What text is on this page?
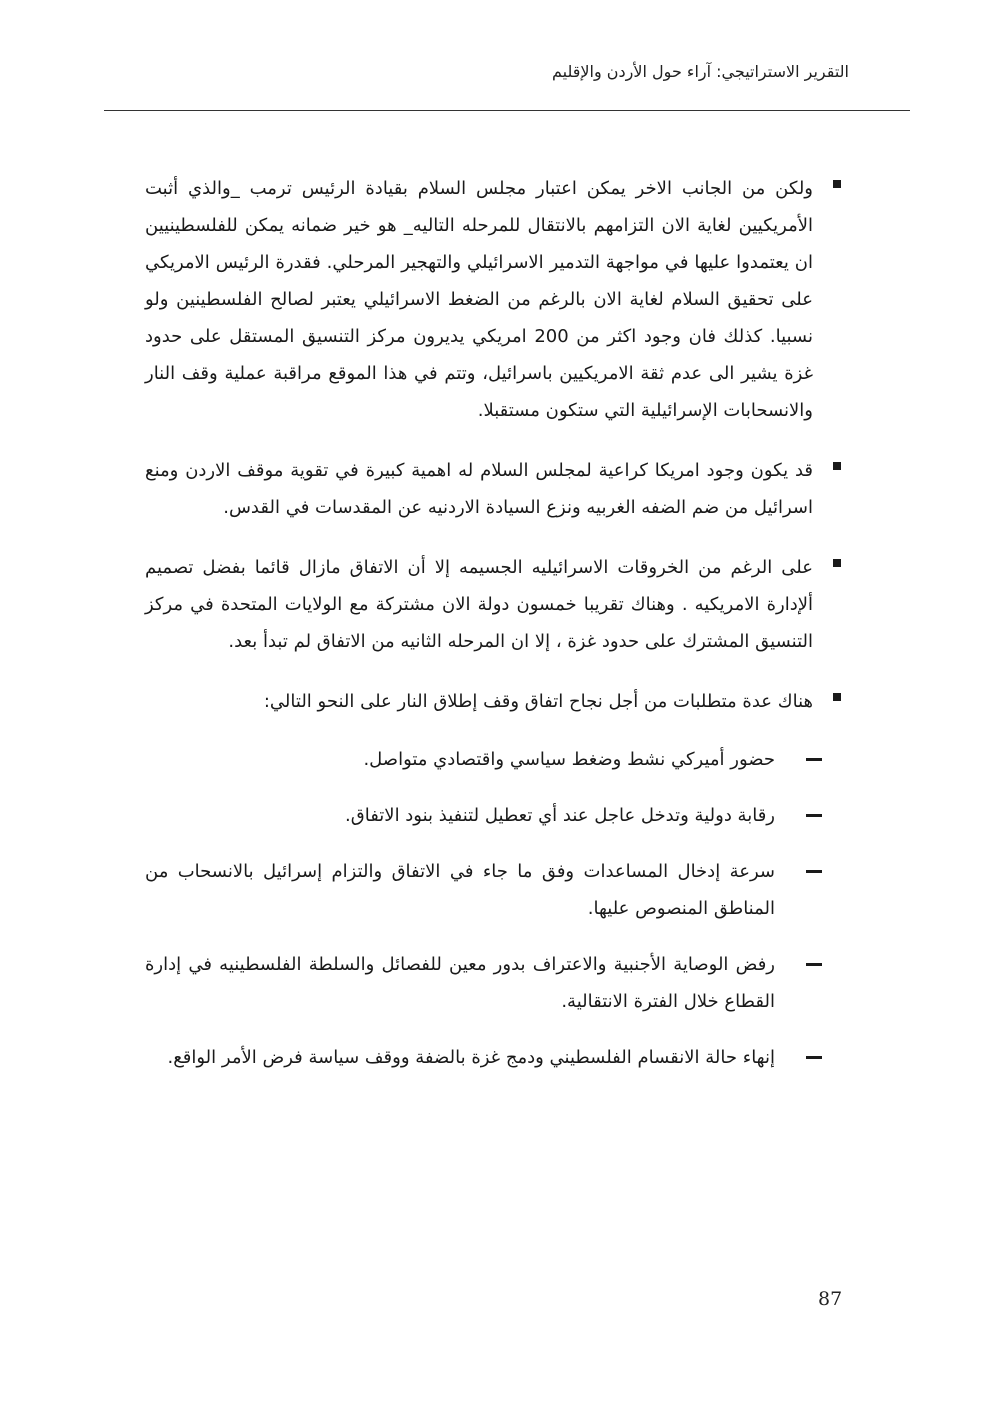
التقرير الاستراتيجي: آراء حول الأردن والإقليم
ولكن من الجانب الاخر يمكن اعتبار مجلس السلام بقيادة الرئيس ترمب _والذي أثبت الأمريكيين لغاية الان التزامهم بالانتقال للمرحله التاليه_ هو خير ضمانه يمكن للفلسطينيين ان يعتمدوا عليها في مواجهة التدمير الاسرائيلي والتهجير المرحلي. فقدرة الرئيس الامريكي على تحقيق السلام لغاية الان بالرغم من الضغط الاسرائيلي يعتبر لصالح الفلسطينين ولو نسبيا. كذلك فان وجود اكثر من 200 امريكي يديرون مركز التنسيق المستقل على حدود غزة يشير الى عدم ثقة الامريكيين باسرائيل، وتتم في هذا الموقع مراقبة عملية وقف النار والانسحابات الإسرائيلية التي ستكون مستقبلا.
قد يكون وجود امريكا كراعية لمجلس السلام له اهمية كبيرة في تقوية موقف الاردن ومنع اسرائيل من ضم الضفه الغربيه ونزع السيادة الاردنيه عن المقدسات في القدس.
على الرغم من الخروقات الاسرائيليه الجسيمه إلا أن الاتفاق مازال قائما بفضل تصميم ألإدارة الامريكيه . وهناك تقريبا خمسون دولة الان مشتركة مع الولايات المتحدة في مركز التنسيق المشترك على حدود غزة ، إلا ان المرحله الثانيه من الاتفاق لم تبدأ بعد.
هناك عدة متطلبات من أجل نجاح اتفاق وقف إطلاق النار على النحو التالي:
حضور أميركي نشط وضغط سياسي واقتصادي متواصل.
رقابة دولية وتدخل عاجل عند أي تعطيل لتنفيذ بنود الاتفاق.
سرعة إدخال المساعدات وفق ما جاء في الاتفاق والتزام إسرائيل بالانسحاب من المناطق المنصوص عليها.
رفض الوصاية الأجنبية والاعتراف بدور معين للفصائل والسلطة الفلسطينيه في إدارة القطاع خلال الفترة الانتقالية.
إنهاء حالة الانقسام الفلسطيني ودمج غزة بالضفة ووقف سياسة فرض الأمر الواقع.
87
